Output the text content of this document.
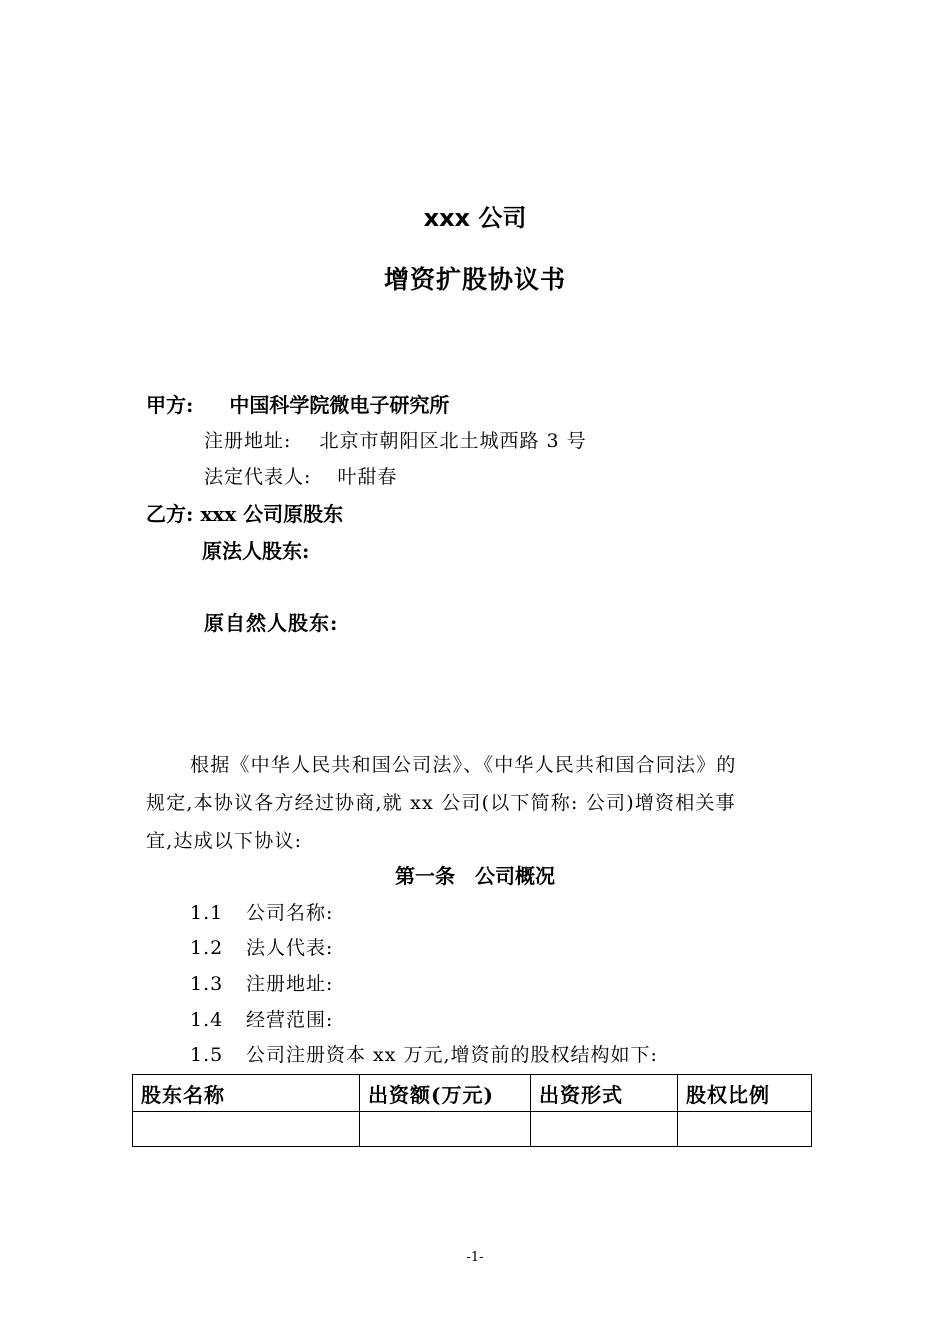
xxx 公司
增资扩股协议书
甲方: 中国科学院微电子研究所
注册地址: 北京市朝阳区北土城西路 3 号
法定代表人: 叶甜春
乙方: xxx 公司原股东
原法人股东:
原自然人股东:
根据《中华人民共和国公司法》、《中华人民共和国合同法》的
规定,本协议各方经过协商,就 xx 公司(以下简称: 公司)增资相关事
宜,达成以下协议:
第一条　公司概况
1.1 公司名称:
1.2 法人代表:
1.3 注册地址:
1.4 经营范围:
1.5 公司注册资本 xx 万元,增资前的股权结构如下:
股东名称	出资额(万元)	出资形式	股权比例

-1-
